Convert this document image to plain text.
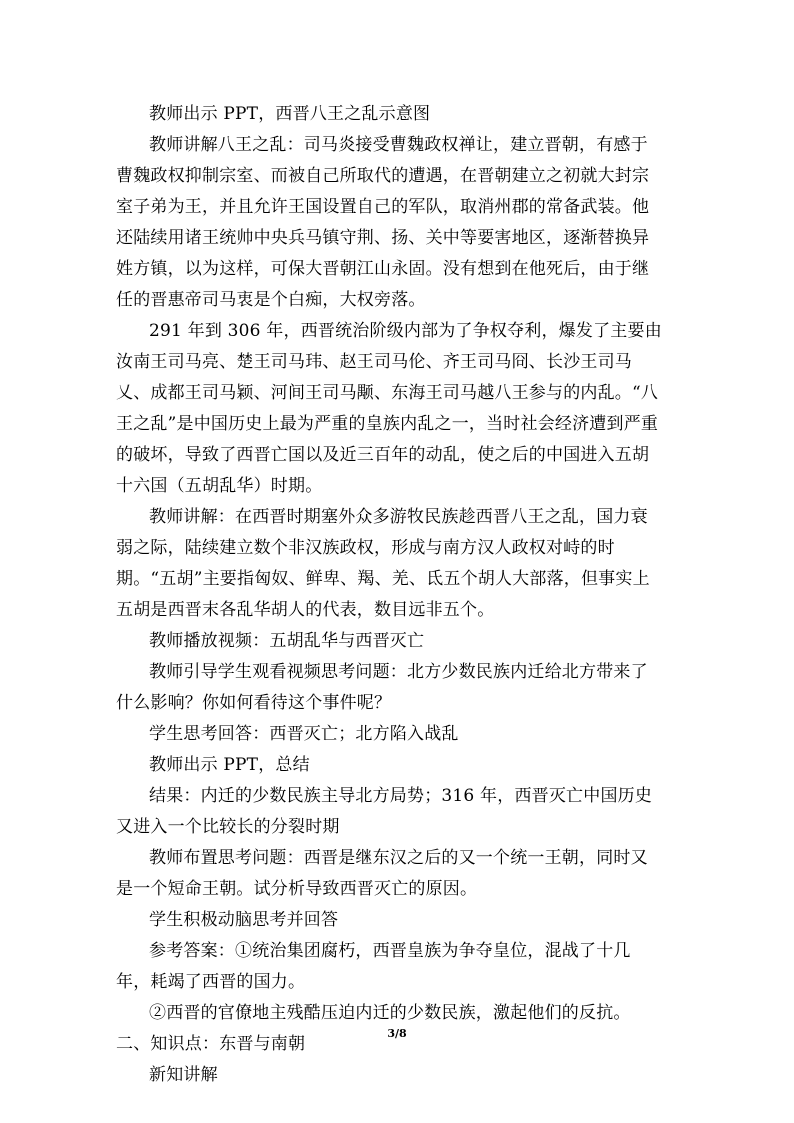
教师出示 PPT，西晋八王之乱示意图

教师讲解八王之乱：司马炎接受曹魏政权禅让，建立晋朝，有感于曹魏政权抑制宗室、而被自己所取代的遭遇，在晋朝建立之初就大封宗室子弟为王，并且允许王国设置自己的军队，取消州郡的常备武装。他还陆续用诸王统帅中央兵马镇守荆、扬、关中等要害地区，逐渐替换异姓方镇，以为这样，可保大晋朝江山永固。没有想到在他死后，由于继任的晋惠帝司马衷是个白痴，大权旁落。

291 年到 306 年，西晋统治阶级内部为了争权夺利，爆发了主要由汝南王司马亮、楚王司马玮、赵王司马伦、齐王司马冏、长沙王司马乂、成都王司马颖、河间王司马颙、东海王司马越八王参与的内乱。“八王之乱”是中国历史上最为严重的皇族内乱之一，当时社会经济遭到严重的破坏，导致了西晋亡国以及近三百年的动乱，使之后的中国进入五胡十六国（五胡乱华）时期。

教师讲解：在西晋时期塞外众多游牧民族趁西晋八王之乱，国力衰弱之际，陆续建立数个非汉族政权，形成与南方汉人政权对峙的时期。“五胡”主要指匈奴、鲜卑、羯、羌、氐五个胡人大部落，但事实上五胡是西晋末各乱华胡人的代表，数目远非五个。

教师播放视频：五胡乱华与西晋灭亡

教师引导学生观看视频思考问题：北方少数民族内迁给北方带来了什么影响？你如何看待这个事件呢？

学生思考回答：西晋灭亡；北方陷入战乱

教师出示 PPT，总结

结果：内迁的少数民族主导北方局势；316 年，西晋灭亡中国历史又进入一个比较长的分裂时期

教师布置思考问题：西晋是继东汉之后的又一个统一王朝，同时又是一个短命王朝。试分析导致西晋灭亡的原因。

学生积极动脑思考并回答

参考答案：①统治集团腐朽，西晋皇族为争夺皇位，混战了十几年，耗竭了西晋的国力。

②西晋的官僚地主残酷压迫内迁的少数民族，激起他们的反抗。

二、知识点：东晋与南朝

新知讲解

3/8
